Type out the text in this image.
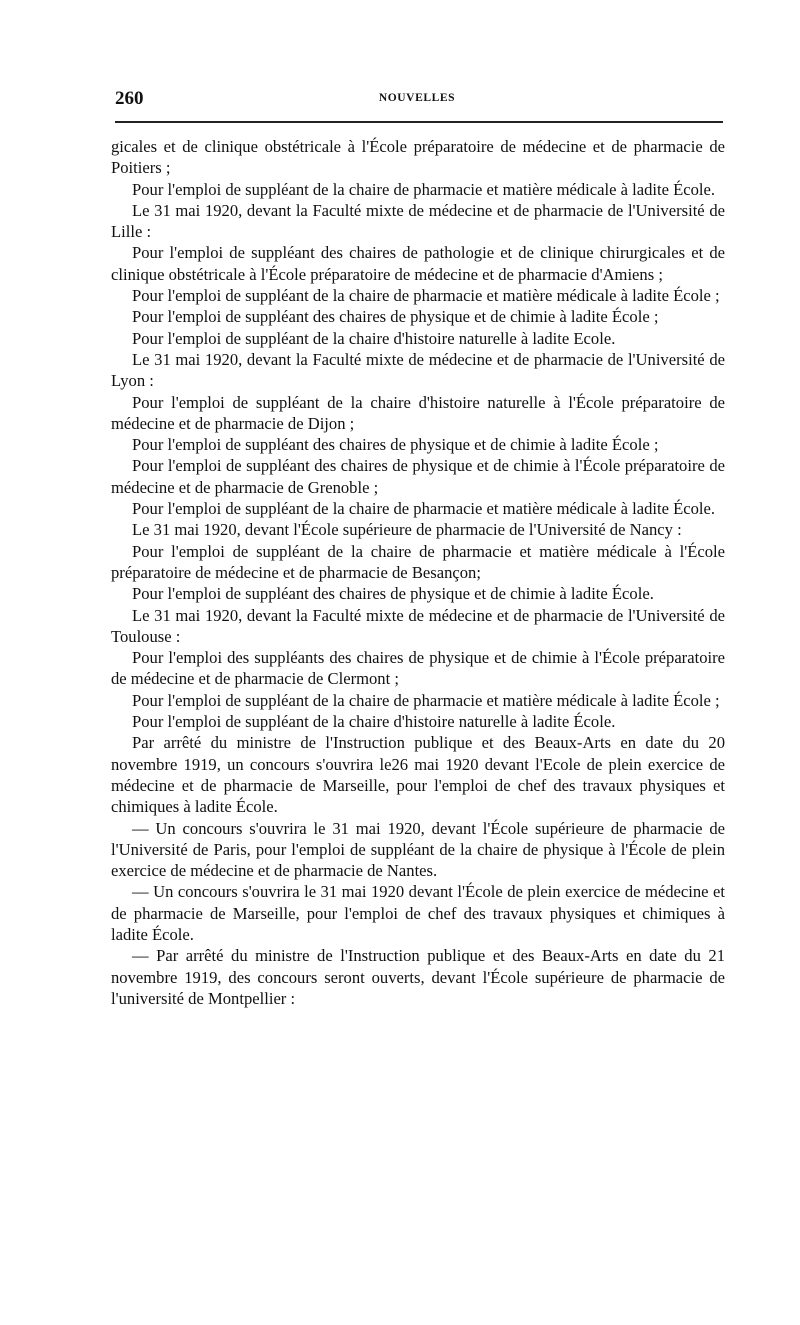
260	NOUVELLES

gicales et de clinique obstétricale à l'École préparatoire de médecine et de pharmacie de Poitiers ;

Pour l'emploi de suppléant de la chaire de pharmacie et matière médicale à ladite École.

Le 31 mai 1920, devant la Faculté mixte de médecine et de pharmacie de l'Université de Lille :

Pour l'emploi de suppléant des chaires de pathologie et de clinique chirurgicales et de clinique obstétricale à l'École préparatoire de médecine et de pharmacie d'Amiens ;

Pour l'emploi de suppléant de la chaire de pharmacie et matière médicale à ladite École ;

Pour l'emploi de suppléant des chaires de physique et de chimie à ladite École ;

Pour l'emploi de suppléant de la chaire d'histoire naturelle à ladite Ecole.

Le 31 mai 1920, devant la Faculté mixte de médecine et de pharmacie de l'Université de Lyon :

Pour l'emploi de suppléant de la chaire d'histoire naturelle à l'École préparatoire de médecine et de pharmacie de Dijon ;

Pour l'emploi de suppléant des chaires de physique et de chimie à ladite École ;

Pour l'emploi de suppléant des chaires de physique et de chimie à l'École préparatoire de médecine et de pharmacie de Grenoble ;

Pour l'emploi de suppléant de la chaire de pharmacie et matière médicale à ladite École.

Le 31 mai 1920, devant l'École supérieure de pharmacie de l'Université de Nancy :

Pour l'emploi de suppléant de la chaire de pharmacie et matière médicale à l'École préparatoire de médecine et de pharmacie de Besançon;

Pour l'emploi de suppléant des chaires de physique et de chimie à ladite École.

Le 31 mai 1920, devant la Faculté mixte de médecine et de pharmacie de l'Université de Toulouse :

Pour l'emploi des suppléants des chaires de physique et de chimie à l'École préparatoire de médecine et de pharmacie de Clermont ;

Pour l'emploi de suppléant de la chaire de pharmacie et matière médicale à ladite École ;

Pour l'emploi de suppléant de la chaire d'histoire naturelle à ladite École.

Par arrêté du ministre de l'Instruction publique et des Beaux-Arts en date du 20 novembre 1919, un concours s'ouvrira le26 mai 1920 devant l'Ecole de plein exercice de médecine et de pharmacie de Marseille, pour l'emploi de chef des travaux physiques et chimiques à ladite École.

— Un concours s'ouvrira le 31 mai 1920, devant l'École supérieure de pharmacie de l'Université de Paris, pour l'emploi de suppléant de la chaire de physique à l'École de plein exercice de médecine et de pharmacie de Nantes.

— Un concours s'ouvrira le 31 mai 1920 devant l'École de plein exercice de médecine et de pharmacie de Marseille, pour l'emploi de chef des travaux physiques et chimiques à ladite École.

— Par arrêté du ministre de l'Instruction publique et des Beaux-Arts en date du 21 novembre 1919, des concours seront ouverts, devant l'École supérieure de pharmacie de l'université de Montpellier :
